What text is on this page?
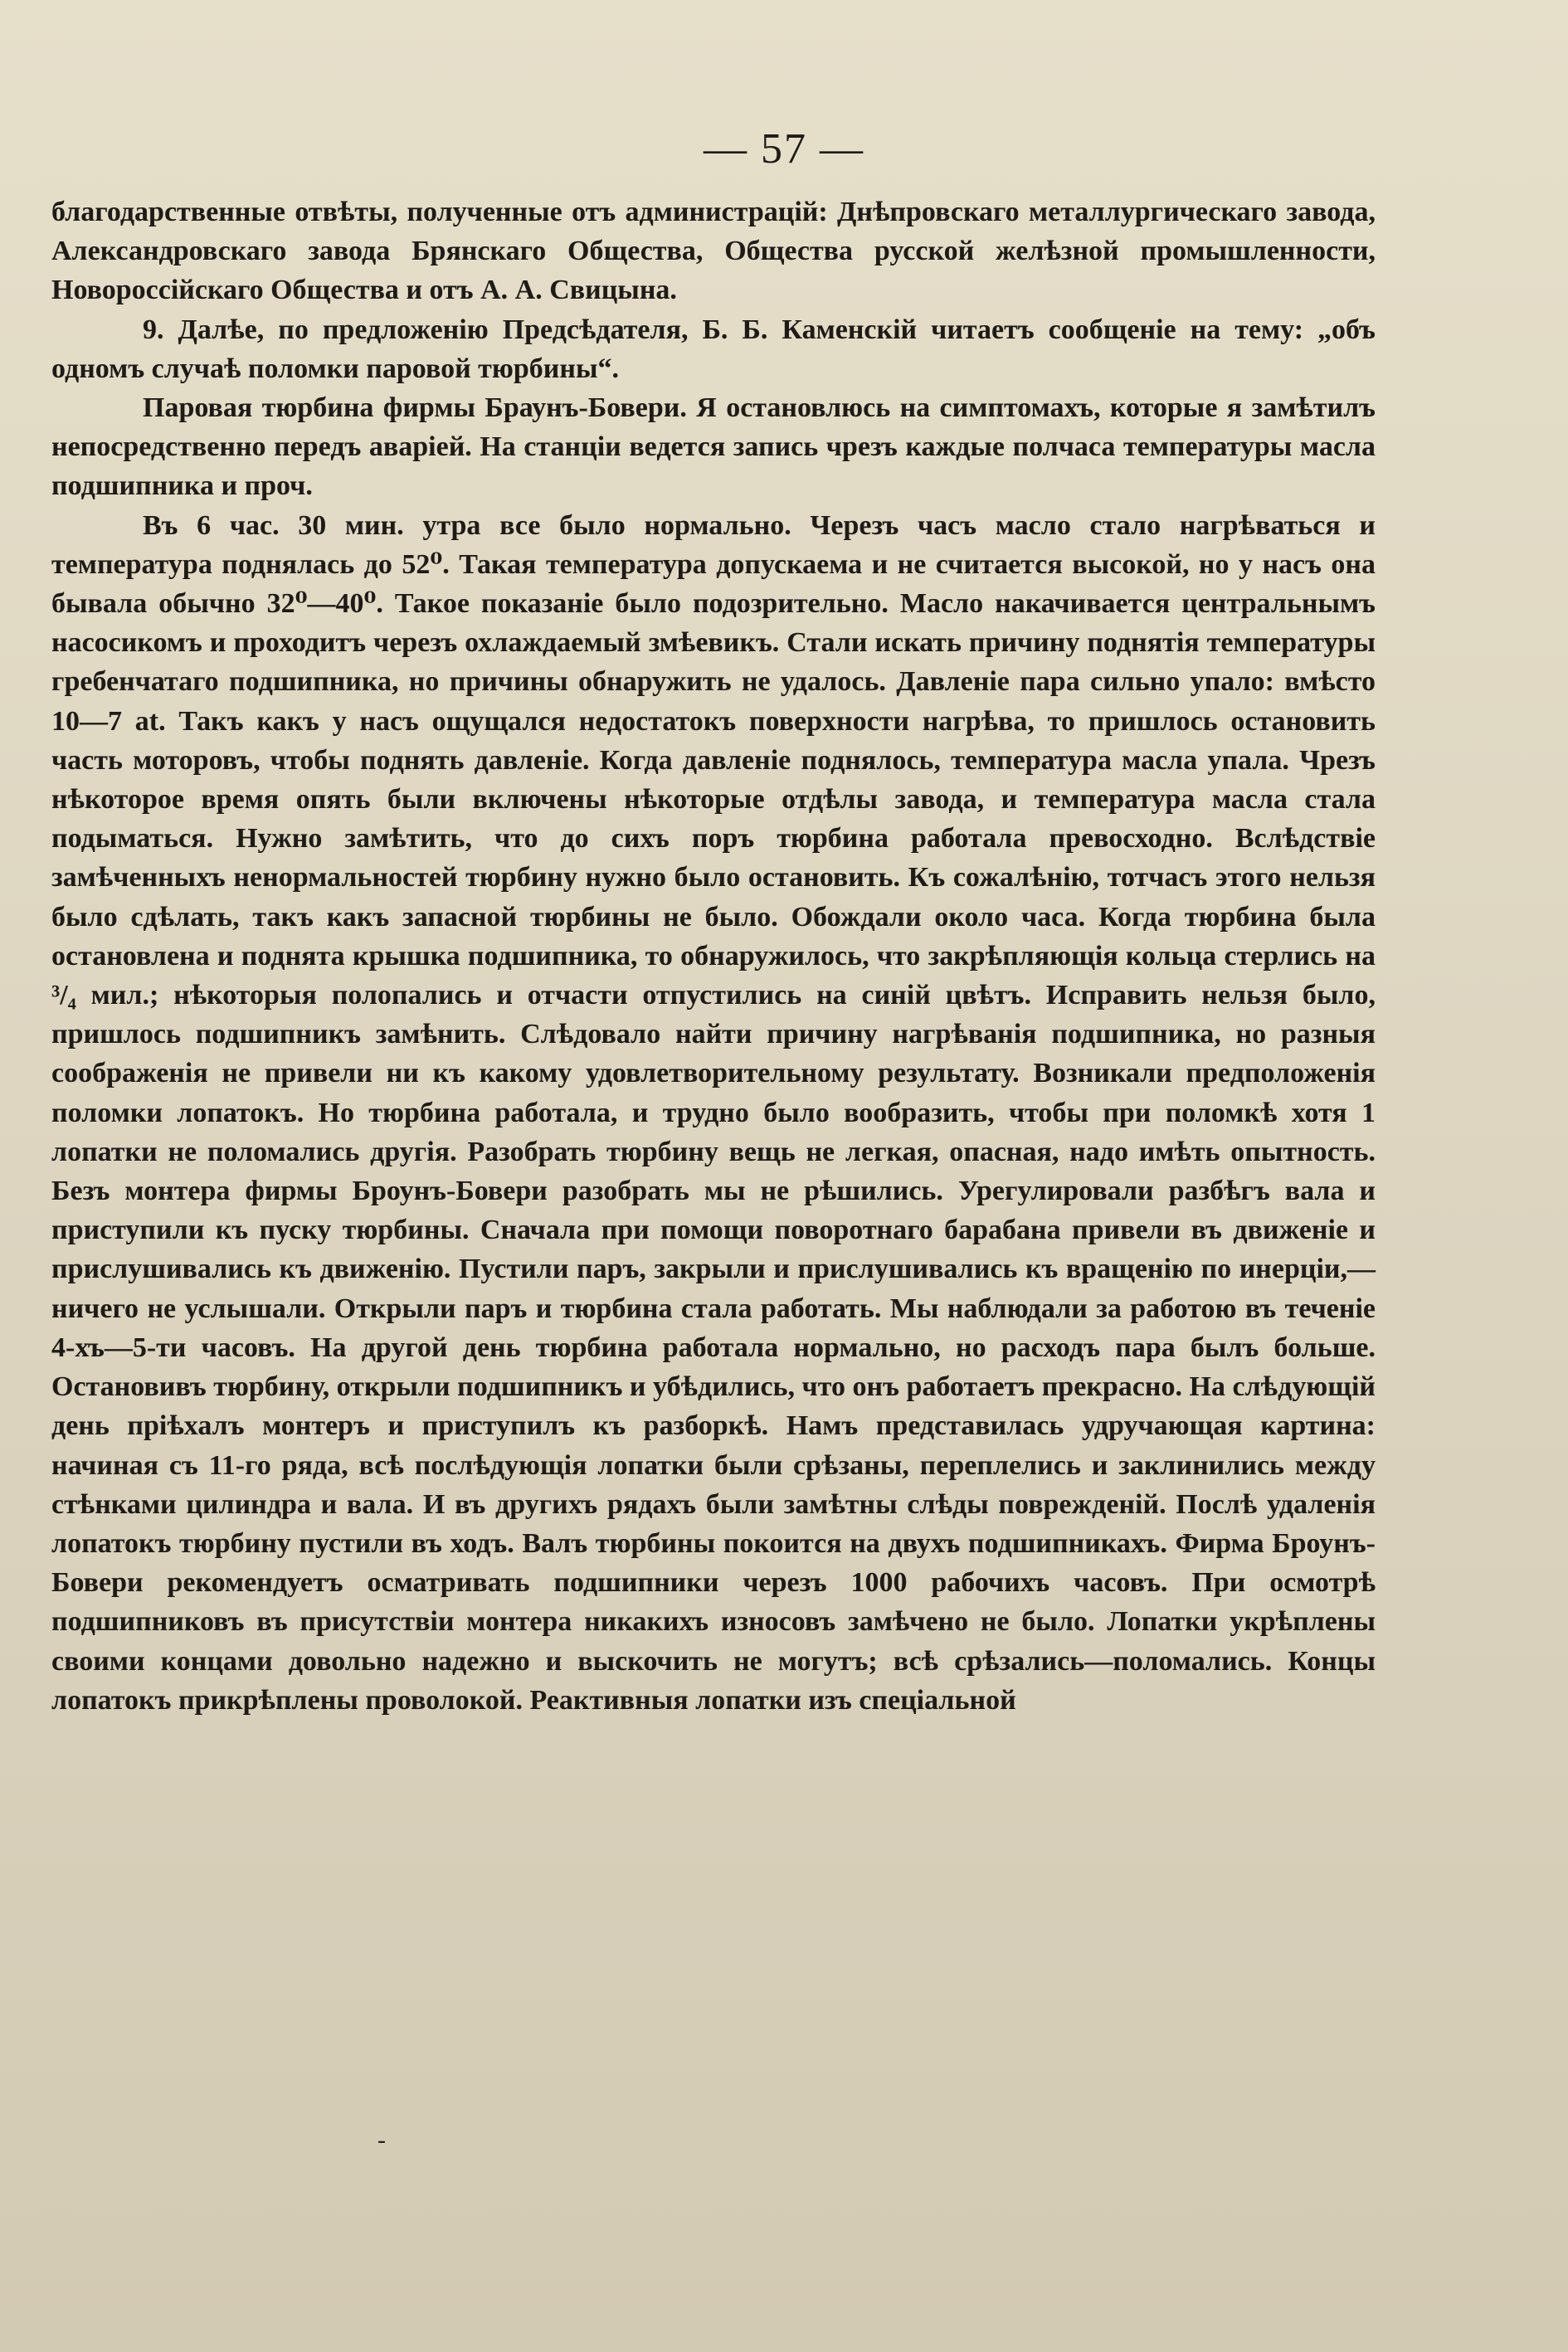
— 57 —

благодарственные отвѣты, полученные отъ администрацій: Днѣпровскаго металлургическаго завода, Александровскаго завода Брянскаго Общества, Общества русской желѣзной промышленности, Новороссійскаго Общества и отъ А. А. Свицына.

9. Далѣе, по предложенію Предсѣдателя, Б. Б. Каменскій читаетъ сообщеніе на тему: „объ одномъ случаѣ поломки паровой тюрбины“.

Паровая тюрбина фирмы Браунъ-Бовери. Я остановлюсь на симптомахъ, которые я замѣтилъ непосредственно передъ аваріей. На станціи ведется запись чрезъ каждые полчаса температуры масла подшипника и проч.

Въ 6 час. 30 мин. утра все было нормально. Черезъ часъ масло стало нагрѣваться и температура поднялась до 52⁰. Такая температура допускаема и не считается высокой, но у насъ она бывала обычно 32⁰—40⁰. Такое показаніе было подозрительно. Масло накачивается центральнымъ насосикомъ и проходитъ черезъ охлаждаемый змѣевикъ. Стали искать причину поднятія температуры гребенчатаго подшипника, но причины обнаружить не удалось. Давленіе пара сильно упало: вмѣсто 10—7 at. Такъ какъ у насъ ощущался недостатокъ поверхности нагрѣва, то пришлось остановить часть моторовъ, чтобы поднять давленіе. Когда давленіе поднялось, температура масла упала. Чрезъ нѣкоторое время опять были включены нѣкоторые отдѣлы завода, и температура масла стала подыматься. Нужно замѣтить, что до сихъ поръ тюрбина работала превосходно. Вслѣдствіе замѣченныхъ ненормальностей тюрбину нужно было остановить. Къ сожалѣнію, тотчасъ этого нельзя было сдѣлать, такъ какъ запасной тюрбины не было. Обождали около часа. Когда тюрбина была остановлена и поднята крышка подшипника, то обнаружилось, что закрѣпляющія кольца стерлись на ³/₄ мил.; нѣкоторыя полопались и отчасти отпустились на синій цвѣтъ. Исправить нельзя было, пришлось подшипникъ замѣнить. Слѣдовало найти причину нагрѣванія подшипника, но разныя соображенія не привели ни къ какому удовлетворительному результату. Возникали предположенія поломки лопатокъ. Но тюрбина работала, и трудно было вообразить, чтобы при поломкѣ хотя 1 лопатки не поломались другія. Разобрать тюрбину вещь не легкая, опасная, надо имѣть опытность. Безъ монтера фирмы Броунъ-Бовери разобрать мы не рѣшились. Урегулировали разбѣгъ вала и приступили къ пуску тюрбины. Сначала при помощи поворотнаго барабана привели въ движеніе и прислушивались къ движенію. Пустили паръ, закрыли и прислушивались къ вращенію по инерціи,—ничего не услышали. Открыли паръ и тюрбина стала работать. Мы наблюдали за работою въ теченіе 4-хъ—5-ти часовъ. На другой день тюрбина работала нормально, но расходъ пара былъ больше. Остановивъ тюрбину, открыли подшипникъ и убѣдились, что онъ работаетъ прекрасно. На слѣдующій день пріѣхалъ монтеръ и приступилъ къ разборкѣ. Намъ представилась удручающая картина: начиная съ 11-го ряда, всѣ послѣдующія лопатки были срѣзаны, переплелись и заклинились между стѣнками цилиндра и вала. И въ другихъ рядахъ были замѣтны слѣды поврежденій. Послѣ удаленія лопатокъ тюрбину пустили въ ходъ. Валъ тюрбины покоится на двухъ подшипникахъ. Фирма Броунъ-Бовери рекомендуетъ осматривать подшипники черезъ 1000 рабочихъ часовъ. При осмотрѣ подшипниковъ въ присутствіи монтера никакихъ износовъ замѣчено не было. Лопатки укрѣплены своими концами довольно надежно и выскочить не могутъ; всѣ срѣзались—поломались. Концы лопатокъ прикрѣплены проволокой. Реактивныя лопатки изъ спеціальной

-
